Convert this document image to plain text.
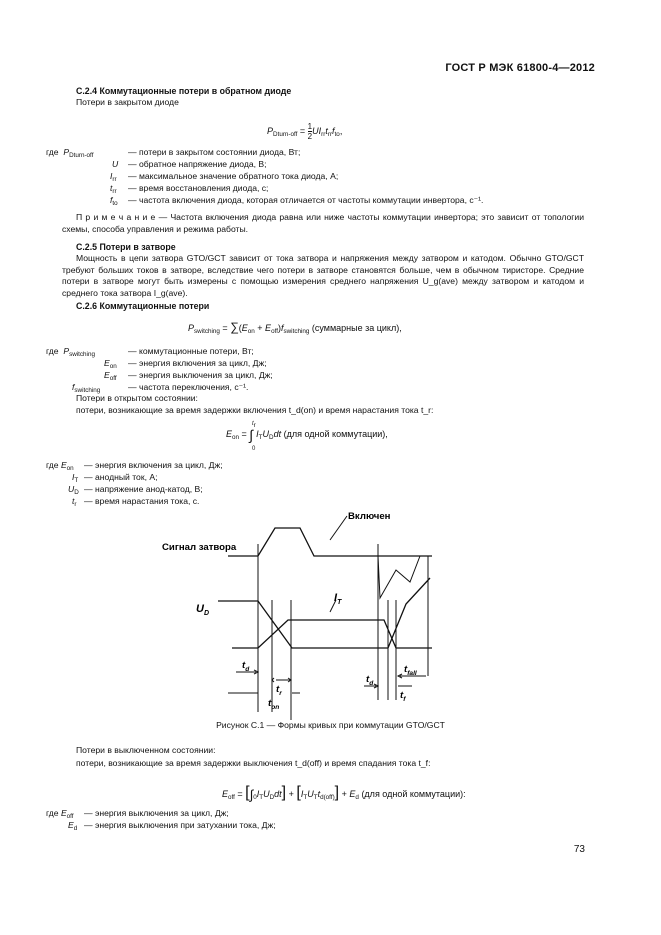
ГОСТ Р МЭК 61800-4—2012
С.2.4 Коммутационные потери в обратном диоде
Потери в закрытом диоде
$P_{Dturn-off} = \frac{1}{2} UI_{rr}t_{rr}f_{to}$,
где $P_{Dturn-off}$	— потери в закрытом состоянии диода, Вт;
U — обратное напряжение диода, В;
$I_{rr}$ — максимальное значение обратного тока диода, А;
$t_{rr}$ — время восстановления диода, с;
$f_{to}$ — частота включения диода, которая отличается от частоты коммутации инвертора, с⁻¹.
П р и м е ч а н и е — Частота включения диода равна или ниже частоты коммутации инвертора; это зависит от топологии схемы, способа управления и режима работы.
С.2.5 Потери в затворе
Мощность в цепи затвора GTO/GCT зависит от тока затвора и напряжения между затвором и катодом. Обычно GTO/GCT требуют больших токов в затворе, вследствие чего потери в затворе становятся больше, чем в обычном тиристоре. Средние потери в затворе могут быть измерены с помощью измерения среднего напряжения U_g(ave) между затвором и катодом и среднего тока затвора I_g(ave).
С.2.6 Коммутационные потери
$P_{switching} = \sum(E_{on} + E_{off})f_{switching}$ (суммарные за цикл),
где $P_{switching}$	— коммутационные потери, Вт;
$E_{on}$ — энергия включения за цикл, Дж;
$E_{off}$ — энергия выключения за цикл, Дж;
$f_{switching}$	— частота переключения, с⁻¹.
Потери в открытом состоянии:
потери, возникающие за время задержки включения t_d(on) и время нарастания тока t_r:
$E_{on}$ = ∫ $I_TU_Ddt$ (для одной коммутации),
$t_r$
0
где $E_{on}$ — энергия включения за цикл, Дж;
$I_T$ — анодный ток, А;
$U_D$ — напряжение анод-катод, В;
$t_r$ — время нарастания тока, с.
Включен
Сигнал затвора
$U_D$
$I_T$
$t_d$
$t_r$
$t_{on}$
$t_{fall}$
$t_d$
$t_f$
Рисунок С.1 — Формы кривых при коммутации GTO/GCT
Потери в выключенном состоянии:
потери, возникающие за время задержки выключения t_d(off) и время спадания тока t_f:
$E_{off} = [\int_0I_TU_Ddt] + [I_TU_Tt_{d(off)}] + E_d$ (для одной коммутации):
где $E_{off}$ — энергия выключения за цикл, Дж;
$E_d$ — энергия выключения при затухании тока, Дж;
73
